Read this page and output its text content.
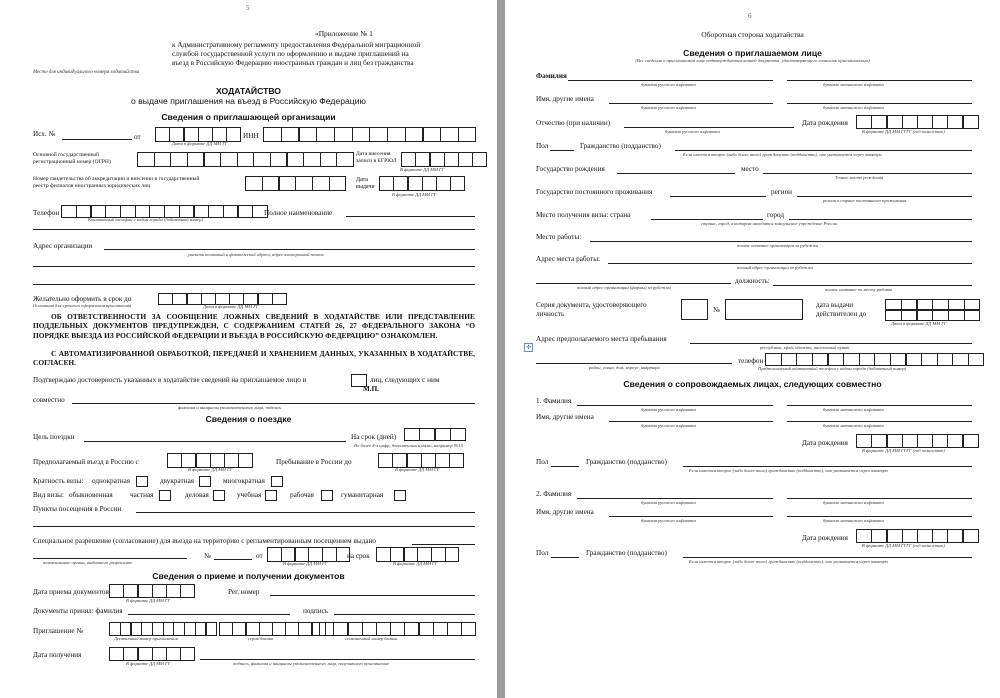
5
«Приложение № 1
к Административному регламенту предоставления Федеральной миграционной
службой государственной услуги по оформлению и выдаче приглашений на
въезд в Российскую Федерацию иностранных граждан и лиц без гражданства
Место для индивидуального номера ходатайства
ХОДАТАЙСТВО
о выдаче приглашения на въезд в Российскую Федерацию
Сведения о приглашающей организации
Исх. №	от
Дата в формате ДД ММ ГГ
ИНН
Основной государственный
регистрационный номер (ОГРН)
Дата внесения
записи в ЕГРЮЛ
В формате ДД ММ ГГ
Номер свидетельства об аккредитации и внесении в государственный
реестр филиалов иностранных юридических лиц
Дата
выдачи
В формате ДД ММ ГГ
Телефон
Контактный телефон с кодом города (добавочный номер)
Полное наименование
Адрес организации
указать почтовый и фактический адреса, адрес электронной почты
Желательно оформить в срок до
Основания для срочного оформления приглашения	Дата в формате ДД ММ ГГ
ОБ ОТВЕТСТВЕННОСТИ ЗА СООБЩЕНИЕ ЛОЖНЫХ СВЕДЕНИЙ В ХОДАТАЙСТВЕ ИЛИ ПРЕДСТАВЛЕНИЕ ПОДДЕЛЬНЫХ ДОКУМЕНТОВ ПРЕДУПРЕЖДЕН, С СОДЕРЖАНИЕМ СТАТЕЙ 26, 27 ФЕДЕРАЛЬНОГО ЗАКОНА “О ПОРЯДКЕ ВЫЕЗДА ИЗ РОССИЙСКОЙ ФЕДЕРАЦИИ И ВЪЕЗДА В РОССИЙСКУЮ ФЕДЕРАЦИЮ” ОЗНАКОМЛЕН.
С АВТОМАТИЗИРОВАННОЙ ОБРАБОТКОЙ, ПЕРЕДАЧЕЙ И ХРАНЕНИЕМ ДАННЫХ, УКАЗАННЫХ В ХОДАТАЙСТВЕ, СОГЛАСЕН.
Подтверждаю достоверность указанных в ходатайстве сведений на приглашаемое лицо и	лиц, следующих с ним
М.П.
совместно
фамилия и инициалы уполномоченного лица, подпись
Сведения о поездке
Цель поездки	На срок (дней)
Не более 4-х цифр, дополненных нулями, например 0015
Предполагаемый въезд в Россию с
В формате ДД ММ ГГ
Пребывание в России до
В формате ДД ММ ГГ
Кратность визы: однократная	двукратная	многократная
Вид визы: обыкновенная частная	деловая	учебная	рабочая	гуманитарная
Пункты посещения в России
Специальное разрешение (согласование) для въезда на территорию с регламентированным посещением выдано
наименование органа, выдавшего разрешение
№	от
В формате ДД ММ ГГ
на срок
В формате ДД ММ ГГ
Сведения о приеме и получении документов
Дата приема документов
В формате ДД ММ ГГ
Рег. номер
Документы принял: фамилия	подпись
Приглашение №
Десятичный номер приглашения	серия бланка	семизначный номер бланка
Дата получения
В формате ДД ММ ГГ	подпись, фамилия и инициалы уполномоченного лица, получившего приглашение
6
Оборотная сторона ходатайства
Сведения о приглашаемом лице
(Все сведения о приглашаемом лице подтверждаются копией документа, удостоверяющего личность приглашаемого)
Фамилия
буквами русского алфавита	буквами латинского алфавита
Имя, другие имена
буквами русского алфавита	буквами латинского алфавита
Отчество (при наличии)
буквами русского алфавита
Дата рождения
В формате ДД ММ ГГГГ (год полностью)
Пол	Гражданство (подданство)
Если имеется второе (либо более того) гражданство (подданство), оно указывается через запятую
Государство рождения	место
Точное место рождения
Государство постоянного проживания	регион
регион в стране постоянного проживания
Место получения визы: страна	город
страна, город, в котором находится консульское учреждение России
Место работы:
полное название организации за рубежом
Адрес места работы:
полный адрес организации за рубежом
полный адрес организации (фирмы) за рубежом
должность:
полное название по месту работы
Серия документа, удостоверяющего
личность	№
дата выдачи
действителен до
Дата в формате ДД ММ ГГ
✣
Адрес предполагаемого места пребывания
республика, край, область, населенный пункт
район, улица, дом, корпус, квартира
телефон
Предполагаемый контактный телефон с кодом города (добавочный номер)
Сведения о сопровождаемых лицах, следующих совместно
1. Фамилия
буквами русского алфавита	буквами латинского алфавита
Имя, другие имена
буквами русского алфавита	буквами латинского алфавита
Дата рождения
В формате ДД ММ ГГГГ (год полностью)
Пол	Гражданство (подданство)
Если имеется второе (либо более того) гражданство (подданство), оно указывается через запятую
2. Фамилия
буквами русского алфавита	буквами латинского алфавита
Имя, другие имена
буквами русского алфавита	буквами латинского алфавита
Дата рождения
В формате ДД ММ ГГГГ (год полностью)
Пол	Гражданство (подданство)
Если имеется второе (либо более того) гражданство (подданство), оно указывается через запятую
